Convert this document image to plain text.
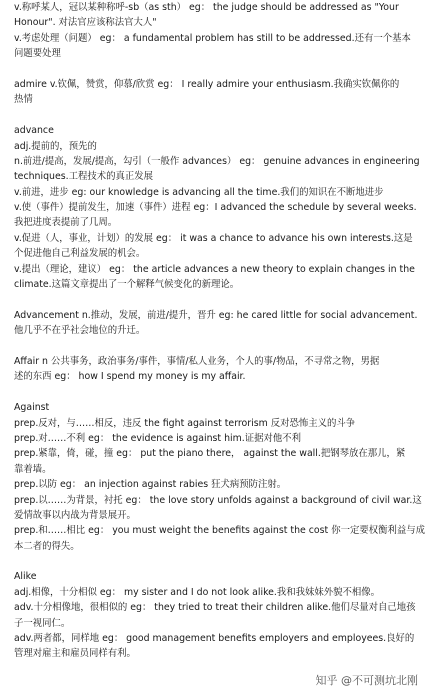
v.称呼某人，冠以某种称呼-sb（as sth） eg： the judge should be addressed as "Your
Honour". 对法官应该称法官大人"
v.考虑处理（问题） eg： a fundamental problem has still to be addressed.还有一个基本
问题要处理
admire v.钦佩，赞赏，仰慕/欣赏 eg： I really admire your enthusiasm.我确实钦佩你的
热情
advance
adj.提前的，预先的
n.前进/提高，发展/提高，勾引（一般作 advances） eg： genuine advances in engineering
techniques.工程技术的真正发展
v.前进，进步 eg: our knowledge is advancing all the time.我们的知识在不断地进步
v.使（事件）提前发生，加速（事件）进程 eg：I advanced the schedule by several weeks.
我把进度表提前了几周。
v.促进（人，事业，计划）的发展 eg： it was a chance to advance his own interests.这是
个促进他自己利益发展的机会。
v.提出（理论，建议） eg： the article advances a new theory to explain changes in the
climate.这篇文章提出了一个解释气候变化的新理论。
Advancement n.推动，发展，前进/提升，晋升 eg: he cared little for social advancement.
他几乎不在乎社会地位的升迁。
Affair n 公共事务，政治事务/事件，事情/私人业务，个人的事/物品，不寻常之物，男据
述的东西 eg： how I spend my money is my affair.
Against
prep.反对，与……相反，违反 the fight against terrorism 反对恐怖主义的斗争
prep.对……不利 eg： the evidence is against him.证据对他不利
prep.紧靠，倚，碰，撞 eg： put the piano there， against the wall.把钢琴放在那儿，紧
靠着墙。
prep.以防 eg： an injection against rabies 狂犬病预防注射。
prep.以……为背景，衬托 eg： the love story unfolds against a background of civil war.这
爱情故事以内战为背景展开。
prep.和……相比 eg： you must weight the benefits against the cost 你一定要权衡利益与成
本二者的得失。
Alike
adj.相像，十分相似 eg： my sister and I do not look alike.我和我妹妹外貌不相像。
adv.十分相像地，很相似的 eg： they tried to treat their children alike.他们尽量对自己地孩
子一视同仁。
adv.两者都，同样地 eg： good management benefits employers and employees.良好的
管理对雇主和雇员同样有利。
知乎 @不可测坑北刚
